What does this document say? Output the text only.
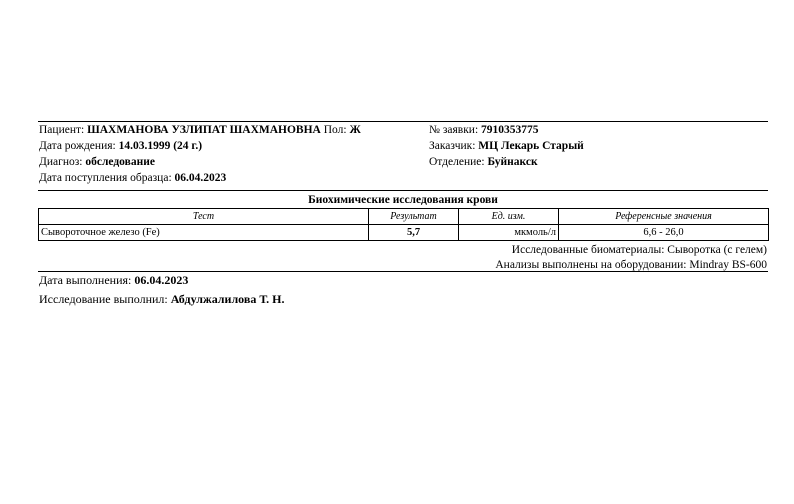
Пациент: ШАХМАНОВА УЗЛИПАТ ШАХМАНОВНА Пол: Ж
Дата рождения: 14.03.1999 (24 г.)
Диагноз: обследование
Дата поступления образца: 06.04.2023
№ заявки: 7910353775
Заказчик: МЦ Лекарь Старый
Отделение: Буйнакск
Биохимические исследования крови
Тест	Результат	Ед. изм.	Референсные значения
Сывороточное железо (Fe)	5,7	мкмоль/л	6,6 - 26,0
Исследованные биоматериалы: Сыворотка (с гелем)
Анализы выполнены на оборудовании: Mindray BS-600
Дата выполнения: 06.04.2023
Исследование выполнил: Абдулжалилова Т. Н.
